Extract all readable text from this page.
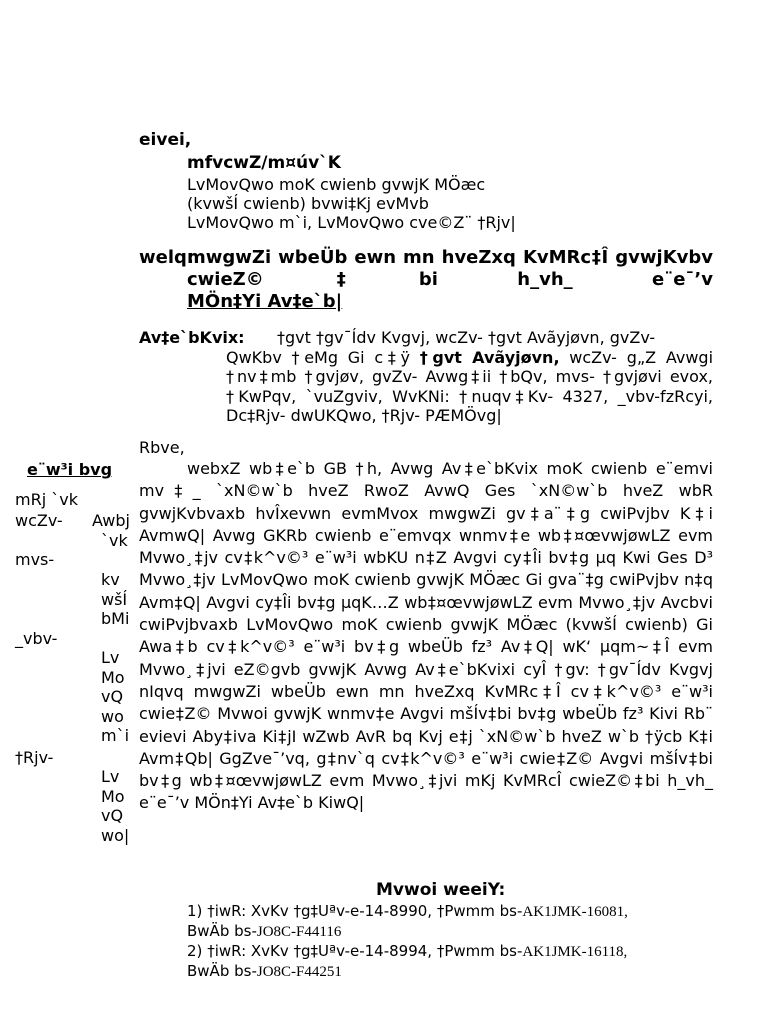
eivei,
mfvcwZ/m¤úv`K
LvMovQwo moK cwienb gvwjK MÖæc
(kvwšÍ cwienb) bvwi‡Kj evMvb
LvMovQwo m`i, LvMovQwo cve©Z¨ †Rjv|
welq:
mwgwZi wbeÜb ewn mn hveZxq KvMRc‡Î gvwjKvbv cwieZ©‡bi h_vh_ e¨e¯’v
MÖn‡Yi Av‡e`b|
Av‡e`bKvix:	†gvt †gv¯Ídv Kvgvj, wcZv- †gvt Avãyjøvn, gvZv-
QwKbv †eMg Gi c‡ÿ †gvt Avãyjøvn, wcZv- g„Z Avwgi †nv‡mb †gvjøv, gvZv- Avwg‡ii †bQv, mvs- †gvjøvi evox, †KwPqv, `vuZgviv, WvKNi: †nuqv‡Kv- 4327, _vbv-fzRcyi, Dc‡Rjv- dwUKQwo, †Rjv- PÆMÖvg|
Rbve,
webxZ wb‡e`b GB †h, Avwg Av‡e`bKvix moK cwienb e¨emvi mv‡_ `xN©w`b hveZ RwoZ AvwQ Ges `xN©w`b hveZ wbR gvwjKvbvaxb hvÎxevwn evmMvox mwgwZi gv‡a¨‡g cwiPvjbv K‡i AvmwQ| Avwg GKRb cwienb e¨emvqx wnmv‡e wb‡¤œvwjøwLZ evm Mvwo¸‡jv cv‡k^v©³ e¨w³i wbKU n‡Z Avgvi cy‡Îi bv‡g µq Kwi Ges D³ Mvwo¸‡jv LvMovQwo moK cwienb gvwjK MÖæc Gi gva¨‡g cwiPvjbv n‡q Avm‡Q| Avgvi cy‡Îi bv‡g µqK…Z wb‡¤œvwjøwLZ evm Mvwo¸‡jv Avcbvi cwiPvjbvaxb LvMovQwo moK cwienb gvwjK MÖæc (kvwšÍ cwienb) Gi Awa‡b cv‡k^v©³ e¨w³i bv‡g wbeÜb fz³ Av‡Q| wK‘ µqm~‡Î evm Mvwo¸‡jvi eZ©gvb gvwjK Avwg Av‡e`bKvixi cyÎ †gv: †gv¯Ídv Kvgvj nIqvq mwgwZi wbeÜb ewn mn hveZxq KvMRc‡Î cv‡k^v©³ e¨w³i cwie‡Z© Mvwoi gvwjK wnmv‡e Avgvi mšÍv‡bi bv‡g wbeÜb fz³ Kivi Rb¨ evievi Aby‡iva Ki‡jI wZwb AvR bq Kvj e‡j `xN©w`b hveZ w`b †ÿcb K‡i Avm‡Qb| GgZve¯’vq, g‡nv`q cv‡k^v©³ e¨w³i cwie‡Z© Avgvi mšÍv‡bi bv‡g wb‡¤œvwjøwLZ evm Mvwo¸‡jvi mKj KvMRcÎ cwieZ©‡bi h_vh_ e¨e¯’v MÖn‡Yi Av‡e`b KiwQ|
e¨w³i bvg
mRj `vk
wcZv-
mvs-
_vbv-
†Rjv-
Awbj
`vk
kv
wšÍ
bMi
Lv
Mo
vQ
wo
m`i
Lv
Mo
vQ
wo|
Mvwoi weeiY:
1) †iwR: XvKv †g‡Uªv-e-14-8990, †Pwmm bs-AK1JMK-16081,
BwÄb bs-JO8C-F44116
2) †iwR: XvKv †g‡Uªv-e-14-8994, †Pwmm bs-AK1JMK-16118,
BwÄb bs-JO8C-F44251
